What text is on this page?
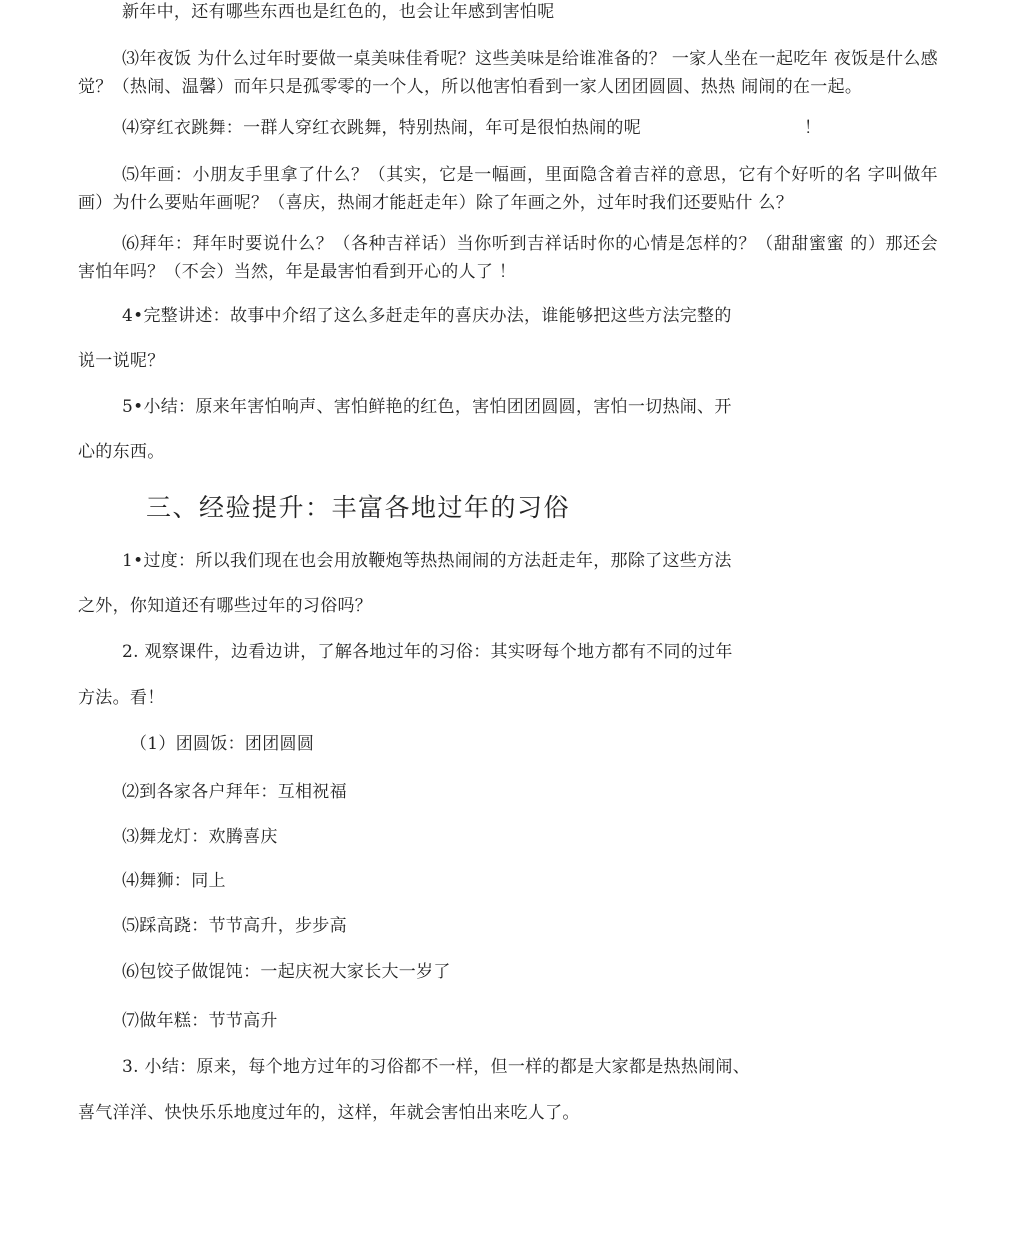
新年中，还有哪些东西也是红色的，也会让年感到害怕呢
⑶年夜饭 为什么过年时要做一桌美味佳肴呢？这些美味是给谁准备的？ 一家人坐在一起吃年 夜饭是什么感觉？（热闹、温馨）而年只是孤零零的一个人，所以他害怕看到一家人团团圆圆、热热 闹闹的在一起。
⑷穿红衣跳舞：一群人穿红衣跳舞，特别热闹，年可是很怕热闹的呢	！
⑸年画：小朋友手里拿了什么？（其实，它是一幅画，里面隐含着吉祥的意思，它有个好听的名 字叫做年画）为什么要贴年画呢？（喜庆，热闹才能赶走年）除了年画之外，过年时我们还要贴什 么？
⑹拜年：拜年时要说什么？（各种吉祥话）当你听到吉祥话时你的心情是怎样的？（甜甜蜜蜜 的）那还会害怕年吗？（不会）当然，年是最害怕看到开心的人了 ！
4•完整讲述：故事中介绍了这么多赶走年的喜庆办法，谁能够把这些方法完整的
说一说呢？
5•小结：原来年害怕响声、害怕鲜艳的红色，害怕团团圆圆，害怕一切热闹、开
心的东西。
三、经验提升：丰富各地过年的习俗
1•过度：所以我们现在也会用放鞭炮等热热闹闹的方法赶走年，那除了这些方法
之外，你知道还有哪些过年的习俗吗？
2. 观察课件，边看边讲，了解各地过年的习俗：其实呀每个地方都有不同的过年
方法。看！
（1）团圆饭：团团圆圆
⑵到各家各户拜年：互相祝福
⑶舞龙灯：欢腾喜庆
⑷舞狮：同上
⑸踩高跷：节节高升，步步高
⑹包饺子做馄饨：一起庆祝大家长大一岁了
⑺做年糕：节节高升
3. 小结：原来，每个地方过年的习俗都不一样，但一样的都是大家都是热热闹闹、
喜气洋洋、快快乐乐地度过年的，这样，年就会害怕出来吃人了。
